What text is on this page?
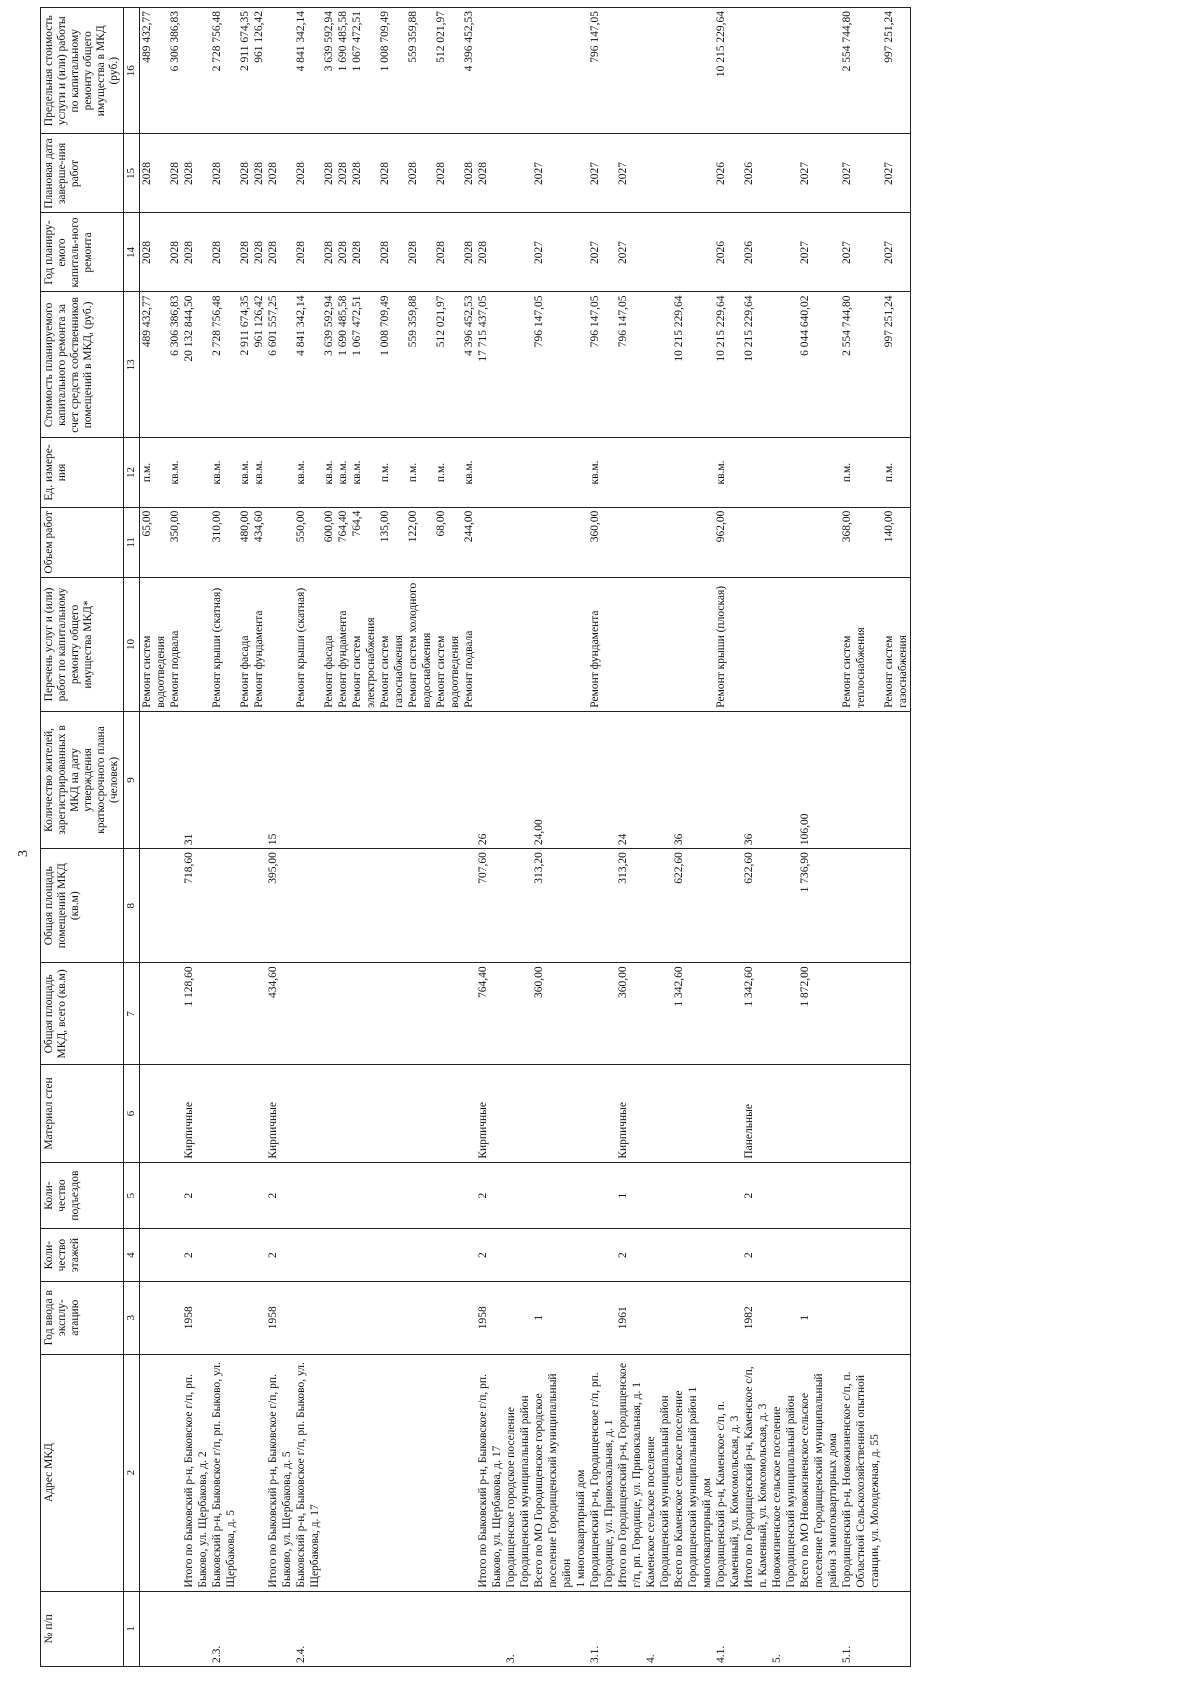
3
№ п/п	Адрес МКД	Год ввода в эксплу-атацию	Коли-чество этажей	Коли-чество подъездов	Материал стен	Общая площадь МКД, всего (кв.м)	Общая площадь помещений МКД (кв.м)	Количество жителей, зарегистрированных в МКД на дату утверждения краткосрочного плана (человек)	Перечень услуг и (или) работ по капитальному ремонту общего имущества МКД*	Объем работ	Ед. измере-ния	Стоимость планируемого капитального ремонта за счет средств собственников помещений в МКД, (руб.)	Год планиру-емого капиталь-ного ремонта	Плановая дата заверше-ния работ	Предельная стоимость услуги и (или) работы по капитальному ремонту общего имущества в МКД (руб.)
1	2	3	4	5	6	7	8	9	10	11	12	13	14	15	16
									Ремонт систем водоотведения	65,00	п.м.	489 432,77	2028	2028	489 432,77
									Ремонт подвала	350,00	кв.м.	6 306 386,83	2028	2028	6 306 386,83
	Итого по Быковский р-н, Быковское г/п, рп. Быково, ул. Щербакова, д. 2	1958	2	2	Кирпичные	1 128,60	718,60	31				20 132 844,50	2028	2028	
2.3.	Быковский р-н, Быковское г/п, рп. Быково, ул. Щербакова, д. 5								Ремонт крыши (скатная)	310,00	кв.м.	2 728 756,48	2028	2028	2 728 756,48
									Ремонт фасада	480,00	кв.м.	2 911 674,35	2028	2028	2 911 674,35
									Ремонт фундамента	434,60	кв.м.	961 126,42	2028	2028	961 126,42
	Итого по Быковский р-н, Быковское г/п, рп. Быково, ул. Щербакова, д. 5	1958	2	2	Кирпичные	434,60	395,00	15				6 601 557,25	2028	2028	
2.4.	Быковский р-н, Быковское г/п, рп. Быково, ул. Щербакова, д. 17								Ремонт крыши (скатная)	550,00	кв.м.	4 841 342,14	2028	2028	4 841 342,14
									Ремонт фасада	600,00	кв.м.	3 639 592,94	2028	2028	3 639 592,94
									Ремонт фундамента	764,40	кв.м.	1 690 485,58	2028	2028	1 690 485,58
									Ремонт систем электроснабжения	764,4	кв.м.	1 067 472,51	2028	2028	1 067 472,51
									Ремонт систем газоснабжения	135,00	п.м.	1 008 709,49	2028	2028	1 008 709,49
									Ремонт систем холодного водоснабжения	122,00	п.м.	559 359,88	2028	2028	559 359,88
									Ремонт систем водоотведения	68,00	п.м.	512 021,97	2028	2028	512 021,97
									Ремонт подвала	244,00	кв.м.	4 396 452,53	2028	2028	4 396 452,53
	Итого по Быковский р-н, Быковское г/п, рп. Быково, ул. Щербакова, д. 17	1958	2	2	Кирпичные	764,40	707,60	26				17 715 437,05	2028	2028	
3.	Городищенское городское поселение Городищенский муниципальный район														
	Всего по МО Городищенское городское поселение Городищенский муниципальный район	1				360,00	313,20	24,00				796 147,05	2027	2027	
	1 многоквартирный дом														
3.1.	Городищенский р-н, Городищенское г/п, рп. Городище, ул. Привокзальная, д. 1								Ремонт фундамента	360,00	кв.м.	796 147,05	2027	2027	796 147,05
	Итого по Городищенский р-н, Городищенское г/п, рп. Городище, ул. Привокзальная, д. 1	1961	2	1	Кирпичные	360,00	313,20	24				796 147,05	2027	2027	
4.	Каменское сельское поселение Городищенский муниципальный район														
	Всего по Каменское сельское поселение Городищенский муниципальный район 1 многоквартирный дом					1 342,60	622,60	36				10 215 229,64			
4.1.	Городищенский р-н, Каменское с/п, п. Каменный, ул. Комсомольская, д. 3								Ремонт крыши (плоская)	962,00	кв.м.	10 215 229,64	2026	2026	10 215 229,64
	Итого по Городищенский р-н, Каменское с/п, п. Каменный, ул. Комсомольская, д. 3	1982	2	2	Панельные	1 342,60	622,60	36				10 215 229,64	2026	2026	
5.	Новожизненское сельское поселение Городищенский муниципальный район														
	Всего по МО Новожизненское сельское поселение Городищенский муниципальный район 3 многоквартирных дома	1				1 872,00	1 736,90	106,00				6 044 640,02	2027	2027	
5.1.	Городищенский р-н, Новожизненское с/п, п. Областной Сельскохозяйственной опытной станции, ул. Молодежная, д. 55								Ремонт систем теплоснабжения	368,00	п.м.	2 554 744,80	2027	2027	2 554 744,80
									Ремонт систем газоснабжения	140,00	п.м.	997 251,24	2027	2027	997 251,24
